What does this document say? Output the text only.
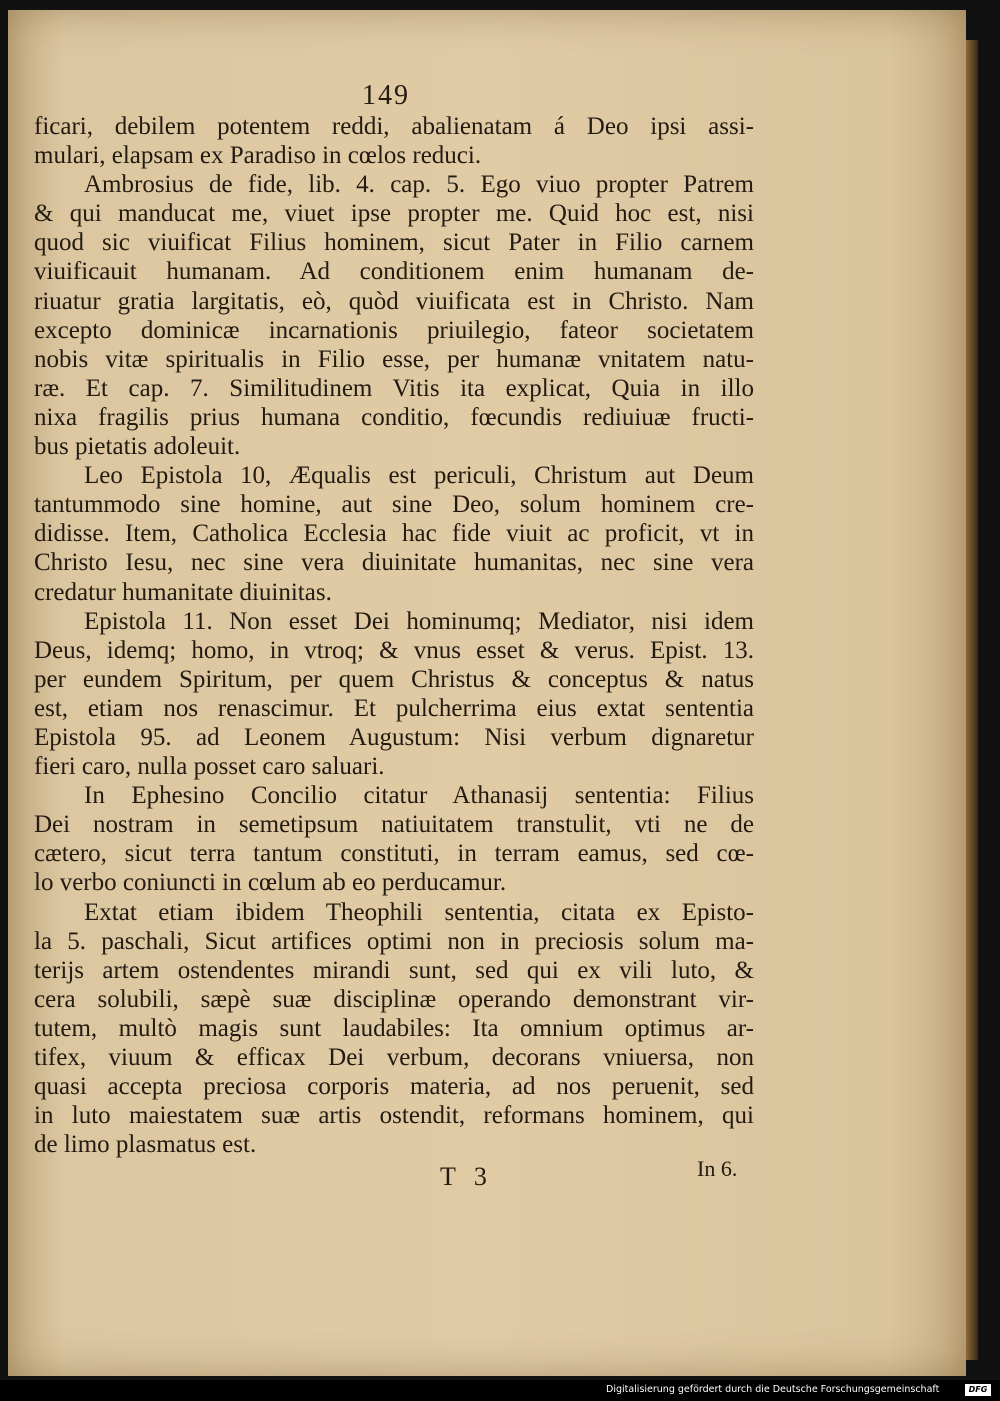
149
ficari, debilem potentem reddi, abalienatam á Deo ipsi assi-
mulari, elapsam ex Paradiso in cœlos reduci.
Ambrosius de fide, lib. 4. cap. 5. Ego viuo propter Patrem
& qui manducat me, viuet ipse propter me. Quid hoc est, nisi
quod sic viuificat Filius hominem, sicut Pater in Filio carnem
viuificauit humanam. Ad conditionem enim humanam de-
riuatur gratia largitatis, eò, quòd viuificata est in Christo. Nam
excepto dominicæ incarnationis priuilegio, fateor societatem
nobis vitæ spiritualis in Filio esse, per humanæ vnitatem natu-
ræ. Et cap. 7. Similitudinem Vitis ita explicat, Quia in illo
nixa fragilis prius humana conditio, fœcundis rediuiuæ fructi-
bus pietatis adoleuit.
Leo Epistola 10, Æqualis est periculi, Christum aut Deum
tantummodo sine homine, aut sine Deo, solum hominem cre-
didisse. Item, Catholica Ecclesia hac fide viuit ac proficit, vt in
Christo Iesu, nec sine vera diuinitate humanitas, nec sine vera
credatur humanitate diuinitas.
Epistola 11. Non esset Dei hominumq; Mediator, nisi idem
Deus, idemq; homo, in vtroq; & vnus esset & verus. Epist. 13.
per eundem Spiritum, per quem Christus & conceptus & natus
est, etiam nos renascimur. Et pulcherrima eius extat sententia
Epistola 95. ad Leonem Augustum: Nisi verbum dignaretur
fieri caro, nulla posset caro saluari.
In Ephesino Concilio citatur Athanasij sententia: Filius
Dei nostram in semetipsum natiuitatem transtulit, vti ne de
cætero, sicut terra tantum constituti, in terram eamus, sed cœ-
lo verbo coniuncti in cœlum ab eo perducamur.
Extat etiam ibidem Theophili sententia, citata ex Episto-
la 5. paschali, Sicut artifices optimi non in preciosis solum ma-
terijs artem ostendentes mirandi sunt, sed qui ex vili luto, &
cera solubili, sæpè suæ disciplinæ operando demonstrant vir-
tutem, multò magis sunt laudabiles: Ita omnium optimus ar-
tifex, viuum & efficax Dei verbum, decorans vniuersa, non
quasi accepta preciosa corporis materia, ad nos peruenit, sed
in luto maiestatem suæ artis ostendit, reformans hominem, qui
de limo plasmatus est.
T 3	In 6.
Digitalisierung gefördert durch die Deutsche Forschungsgemeinschaft	DFG
